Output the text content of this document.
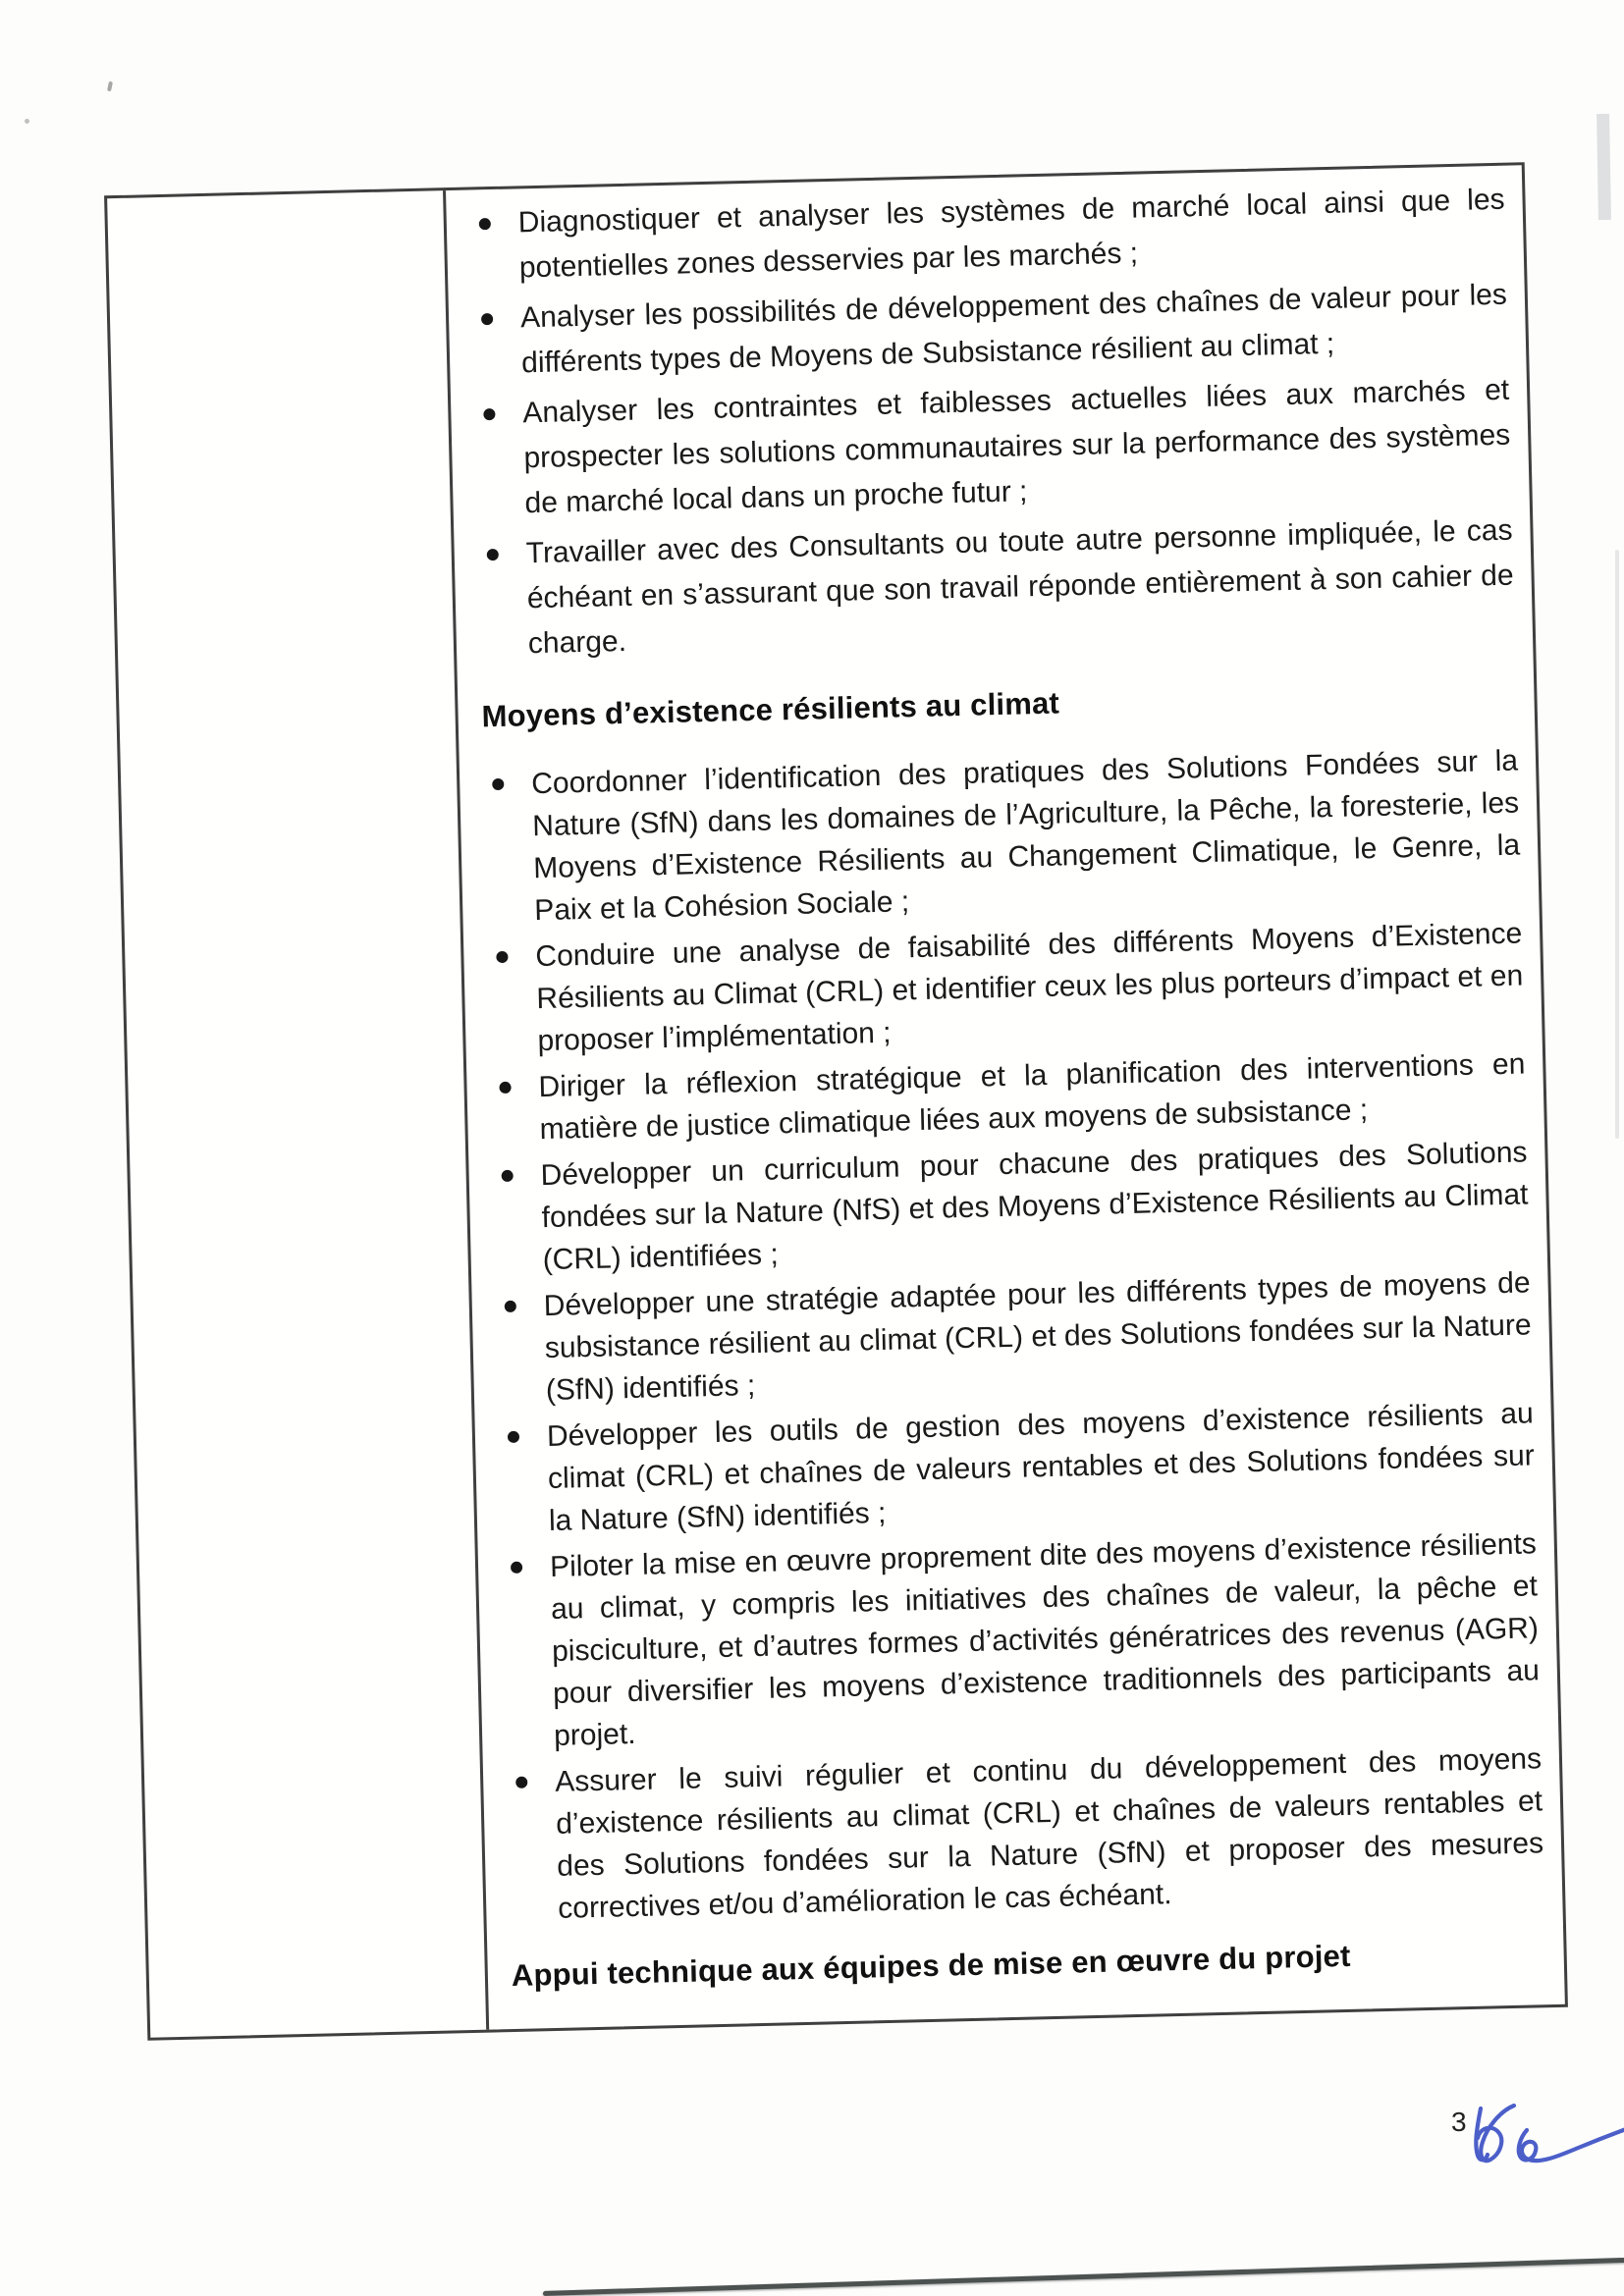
Diagnostiquer et analyser les systèmes de marché local ainsi que les potentielles zones desservies par les marchés ;
Analyser les possibilités de développement des chaînes de valeur pour les différents types de Moyens de Subsistance résilient au climat ;
Analyser les contraintes et faiblesses actuelles liées aux marchés et prospecter les solutions communautaires sur la performance des systèmes de marché local dans un proche futur ;
Travailler avec des Consultants ou toute autre personne impliquée, le cas échéant en s’assurant que son travail réponde entièrement à son cahier de charge.
Moyens d’existence résilients au climat
Coordonner l’identification des pratiques des Solutions Fondées sur la Nature (SfN) dans les domaines de l’Agriculture, la Pêche, la foresterie, les Moyens d’Existence Résilients au Changement Climatique, le Genre, la Paix et la Cohésion Sociale ;
Conduire une analyse de faisabilité des différents Moyens d’Existence Résilients au Climat (CRL) et identifier ceux les plus porteurs d’impact et en proposer l’implémentation ;
Diriger la réflexion stratégique et la planification des interventions en matière de justice climatique liées aux moyens de subsistance ;
Développer un curriculum pour chacune des pratiques des Solutions fondées sur la Nature (NfS) et des Moyens d’Existence Résilients au Climat (CRL) identifiées ;
Développer une stratégie adaptée pour les différents types de moyens de subsistance résilient au climat (CRL) et des Solutions fondées sur la Nature (SfN) identifiés ;
Développer les outils de gestion des moyens d’existence résilients au climat (CRL) et chaînes de valeurs rentables et des Solutions fondées sur la Nature (SfN) identifiés ;
Piloter la mise en œuvre proprement dite des moyens d’existence résilients au climat, y compris les initiatives des chaînes de valeur, la pêche et pisciculture, et d’autres formes d’activités génératrices des revenus (AGR) pour diversifier les moyens d’existence traditionnels des participants au projet.
Assurer le suivi régulier et continu du développement des moyens d’existence résilients au climat (CRL) et chaînes de valeurs rentables et des Solutions fondées sur la Nature (SfN) et proposer des mesures correctives et/ou d’amélioration le cas échéant.
Appui technique aux équipes de mise en œuvre du projet
3
